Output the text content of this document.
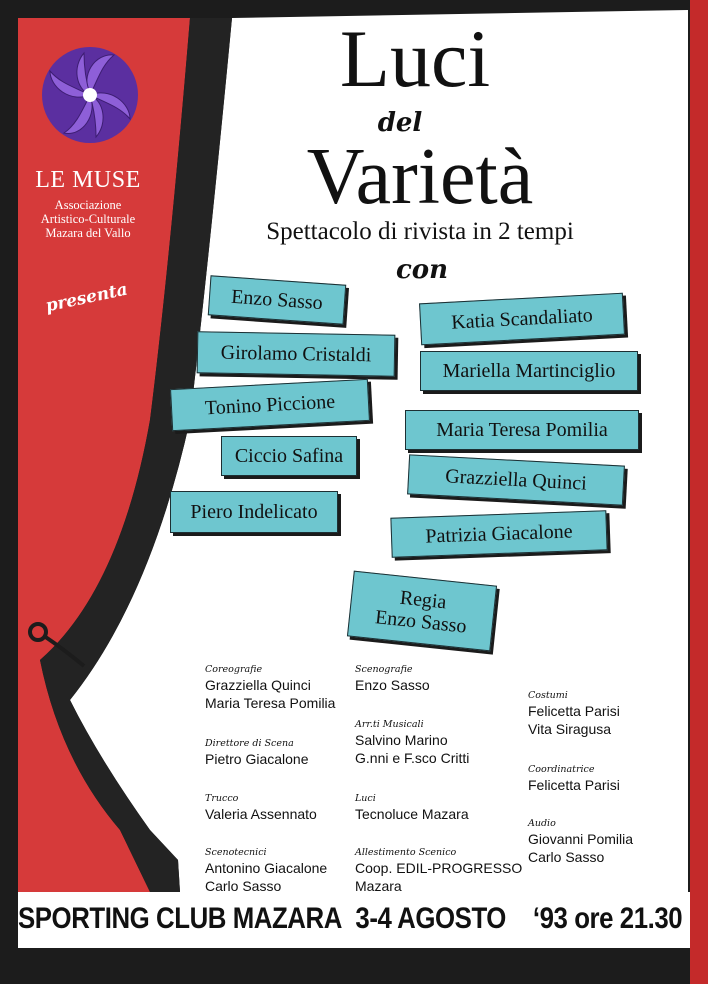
LE MUSE
Associazione
Artistico-Culturale
Mazara del Vallo
presenta
Luci
del
Varietà
Spettacolo di rivista in 2 tempi
con
Enzo Sasso
Katia Scandaliato
Girolamo Cristaldi
Mariella Martinciglio
Tonino Piccione
Maria Teresa Pomilia
Ciccio Safina
Grazziella Quinci
Piero Indelicato
Patrizia Giacalone
Regia
Enzo Sasso
Coreografie
Grazziella Quinci
Maria Teresa Pomilia
Direttore di Scena
Pietro Giacalone
Trucco
Valeria Assennato
Scenotecnici
Antonino Giacalone
Carlo Sasso
Scenografie
Enzo Sasso
Arr.ti Musicali
Salvino Marino
G.nni e F.sco Critti
Luci
Tecnoluce Mazara
Allestimento Scenico
Coop. EDIL-PROGRESSO
Mazara
Costumi
Felicetta Parisi
Vita Siragusa
Coordinatrice
Felicetta Parisi
Audio
Giovanni Pomilia
Carlo Sasso
SPORTING CLUB MAZARA 3-4 AGOSTO ‘93 ore 21.30
